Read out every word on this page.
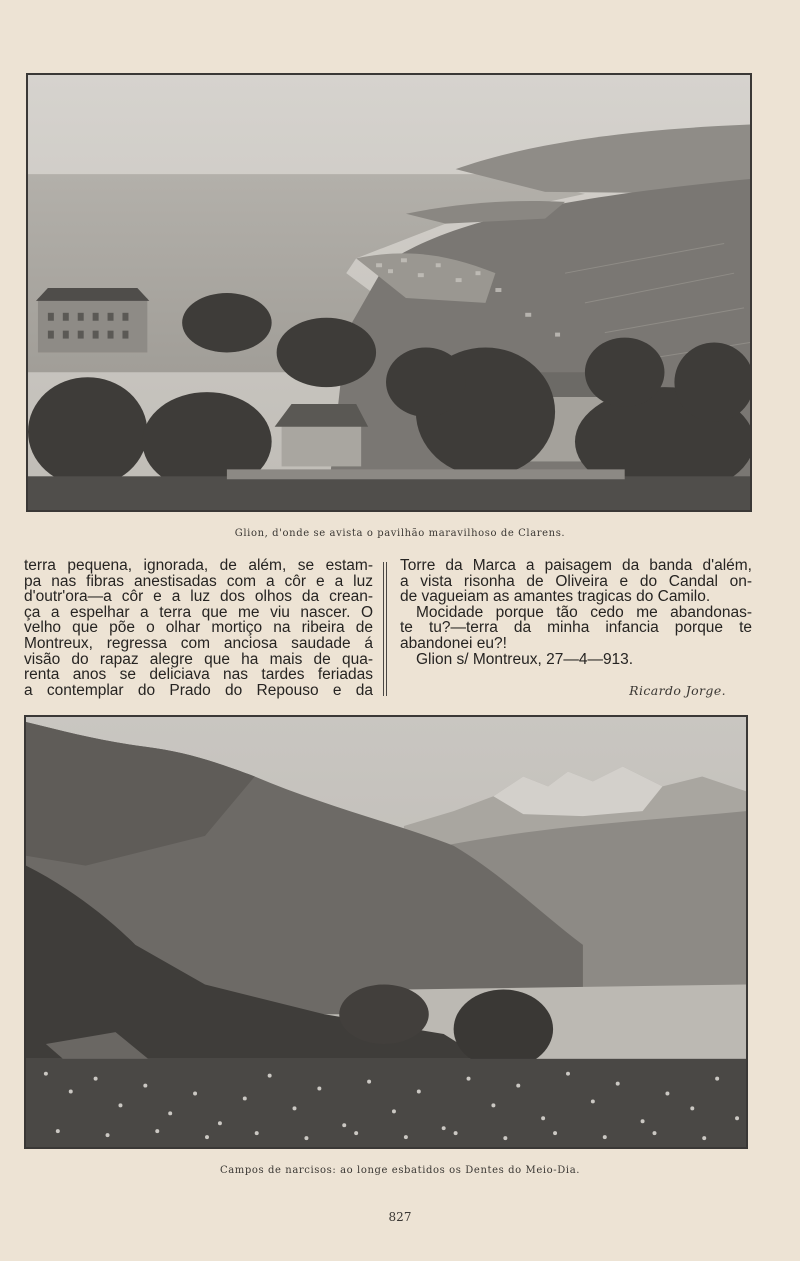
Glion, d'onde se avista o pavilhão maravilhoso de Clarens.
terra pequena, ignorada, de além, se estam-
pa nas fibras anestisadas com a côr e a luz
d'outr'ora—a côr e a luz dos olhos da crean-
ça a espelhar a terra que me viu nascer. O
velho que põe o olhar mortiço na ribeira de
Montreux, regressa com anciosa saudade á
visão do rapaz alegre que ha mais de qua-
renta anos se deliciava nas tardes feriadas
a contemplar do Prado do Repouso e da
Torre da Marca a paisagem da banda d'além,
a vista risonha de Oliveira e do Candal on-
de vagueiam as amantes tragicas do Camilo.
Mocidade porque tão cedo me abandonas-
te tu?—terra da minha infancia porque te
abandonei eu?!
Glion s/ Montreux, 27—4—913.
Ricardo Jorge.
Campos de narcisos: ao longe esbatidos os Dentes do Meio-Dia.
827
